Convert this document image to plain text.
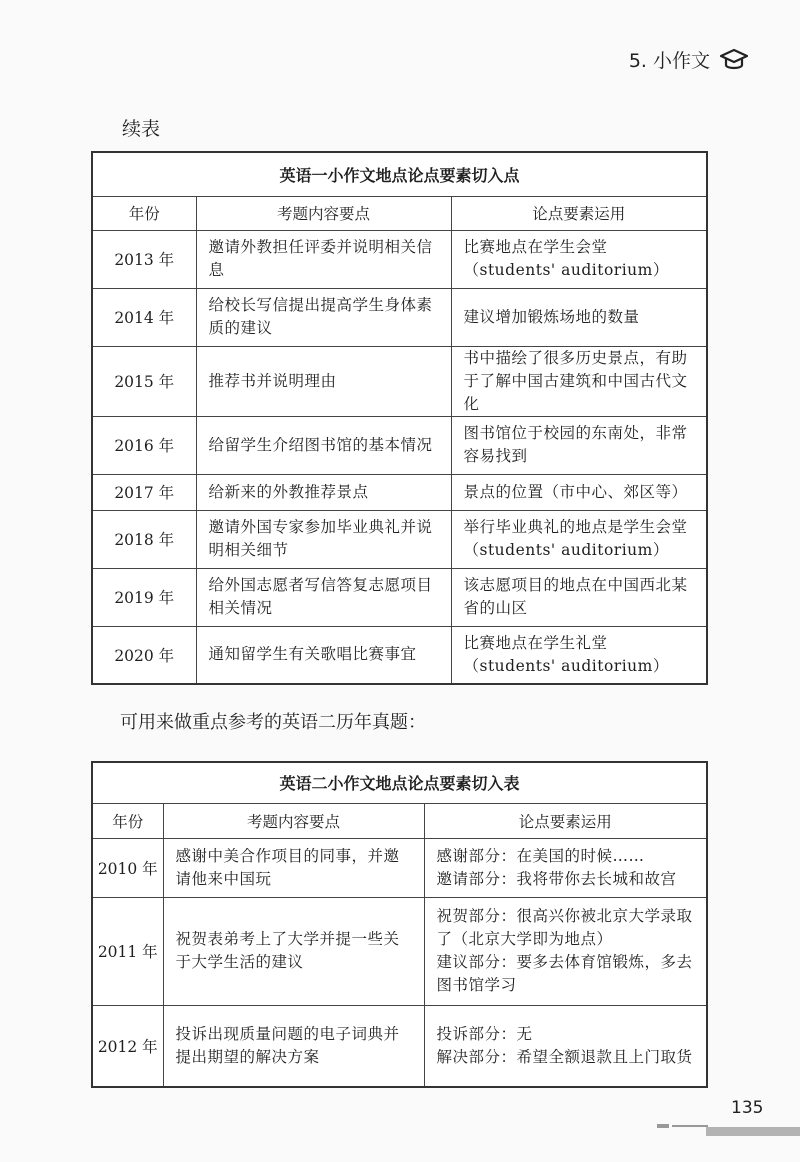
5. 小作文
续表
英语一小作文地点论点要素切入点		
年份	考题内容要点	论点要素运用
2013 年	邀请外教担任评委并说明相关信息	比赛地点在学生会堂（students' auditorium）
2014 年	给校长写信提出提高学生身体素质的建议	建议增加锻炼场地的数量
2015 年	推荐书并说明理由	书中描绘了很多历史景点，有助于了解中国古建筑和中国古代文化
2016 年	给留学生介绍图书馆的基本情况	图书馆位于校园的东南处，非常容易找到
2017 年	给新来的外教推荐景点	景点的位置（市中心、郊区等）
2018 年	邀请外国专家参加毕业典礼并说明相关细节	举行毕业典礼的地点是学生会堂（students' auditorium）
2019 年	给外国志愿者写信答复志愿项目相关情况	该志愿项目的地点在中国西北某省的山区
2020 年	通知留学生有关歌唱比赛事宜	比赛地点在学生礼堂（students' auditorium）
可用来做重点参考的英语二历年真题：
英语二小作文地点论点要素切入表		
年份	考题内容要点	论点要素运用
2010 年	感谢中美合作项目的同事，并邀请他来中国玩	感谢部分：在美国的时候……
邀请部分：我将带你去长城和故宫

2011 年	祝贺表弟考上了大学并提一些关于大学生活的建议	祝贺部分：很高兴你被北京大学录取了（北京大学即为地点）
建议部分：要多去体育馆锻炼，多去图书馆学习

2012 年	投诉出现质量问题的电子词典并提出期望的解决方案	投诉部分：无
解决部分：希望全额退款且上门取货
135
